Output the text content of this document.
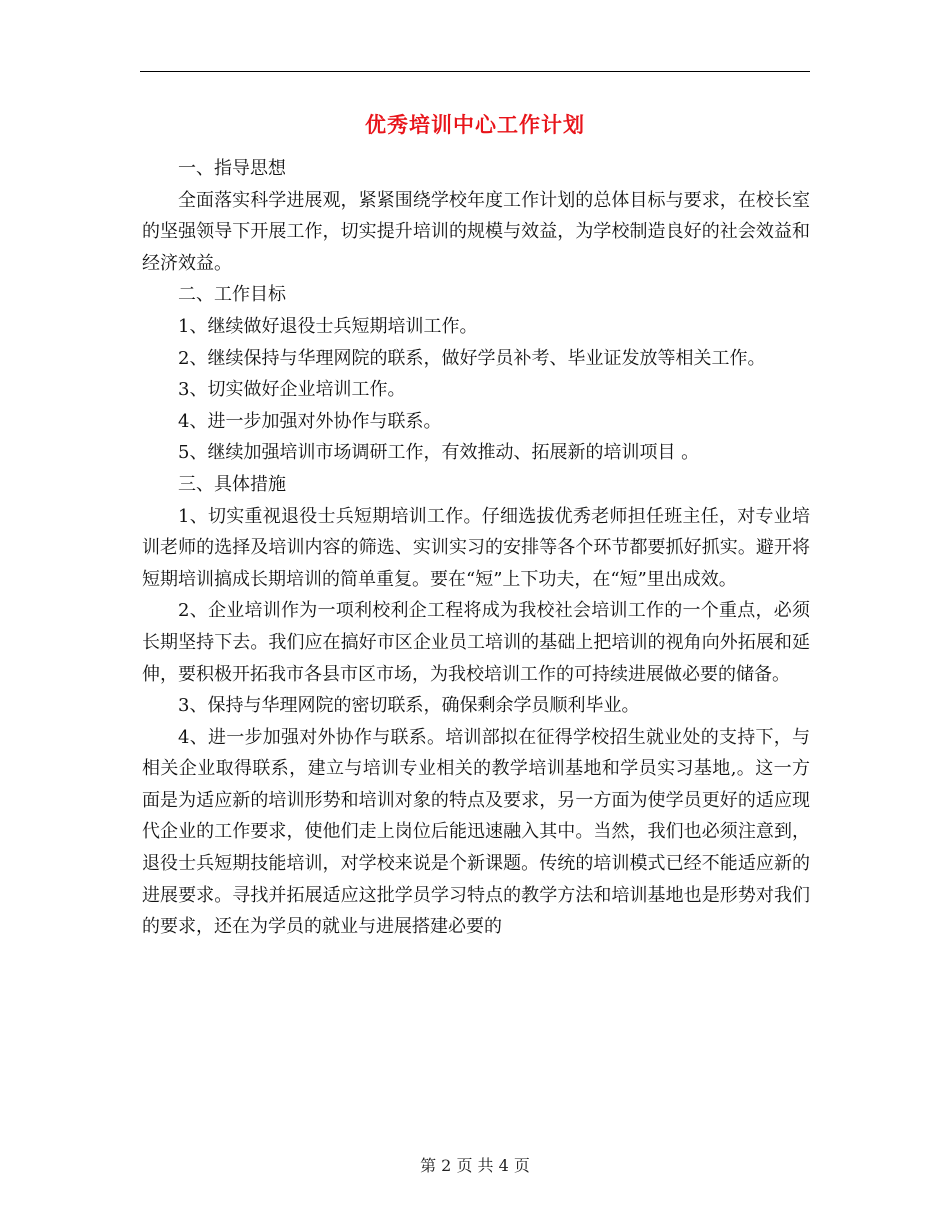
优秀培训中心工作计划

一、指导思想

全面落实科学进展观，紧紧围绕学校年度工作计划的总体目标与要求，在校长室的坚强领导下开展工作，切实提升培训的规模与效益，为学校制造良好的社会效益和经济效益。

二、工作目标

1、继续做好退役士兵短期培训工作。

2、继续保持与华理网院的联系，做好学员补考、毕业证发放等相关工作。

3、切实做好企业培训工作。

4、进一步加强对外协作与联系。

5、继续加强培训市场调研工作，有效推动、拓展新的培训项目 。

三、具体措施

1、切实重视退役士兵短期培训工作。仔细选拔优秀老师担任班主任，对专业培训老师的选择及培训内容的筛选、实训实习的安排等各个环节都要抓好抓实。避开将短期培训搞成长期培训的简单重复。要在“短”上下功夫，在“短”里出成效。

2、企业培训作为一项利校利企工程将成为我校社会培训工作的一个重点，必须长期坚持下去。我们应在搞好市区企业员工培训的基础上把培训的视角向外拓展和延伸，要积极开拓我市各县市区市场，为我校培训工作的可持续进展做必要的储备。

3、保持与华理网院的密切联系，确保剩余学员顺利毕业。

4、进一步加强对外协作与联系。培训部拟在征得学校招生就业处的支持下，与相关企业取得联系，建立与培训专业相关的教学培训基地和学员实习基地,。这一方面是为适应新的培训形势和培训对象的特点及要求，另一方面为使学员更好的适应现代企业的工作要求，使他们走上岗位后能迅速融入其中。当然，我们也必须注意到，退役士兵短期技能培训，对学校来说是个新课题。传统的培训模式已经不能适应新的进展要求。寻找并拓展适应这批学员学习特点的教学方法和培训基地也是形势对我们的要求，还在为学员的就业与进展搭建必要的

第 2 页 共 4 页
